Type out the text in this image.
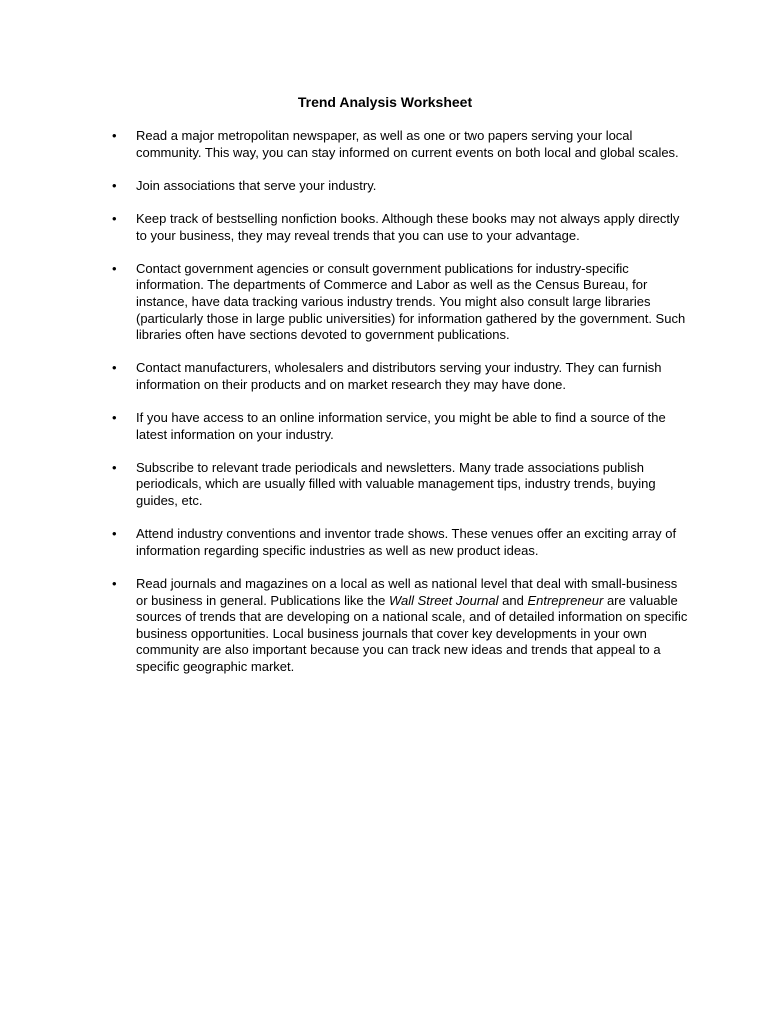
Trend Analysis Worksheet
• Read a major metropolitan newspaper, as well as one or two papers serving your local community. This way, you can stay informed on current events on both local and global scales.
• Join associations that serve your industry.
• Keep track of bestselling nonfiction books. Although these books may not always apply directly to your business, they may reveal trends that you can use to your advantage.
• Contact government agencies or consult government publications for industry-specific information. The departments of Commerce and Labor as well as the Census Bureau, for instance, have data tracking various industry trends. You might also consult large libraries (particularly those in large public universities) for information gathered by the government. Such libraries often have sections devoted to government publications.
• Contact manufacturers, wholesalers and distributors serving your industry. They can furnish information on their products and on market research they may have done.
• If you have access to an online information service, you might be able to find a source of the latest information on your industry.
• Subscribe to relevant trade periodicals and newsletters. Many trade associations publish periodicals, which are usually filled with valuable management tips, industry trends, buying guides, etc.
• Attend industry conventions and inventor trade shows. These venues offer an exciting array of information regarding specific industries as well as new product ideas.
• Read journals and magazines on a local as well as national level that deal with small-business or business in general. Publications like the Wall Street Journal and Entrepreneur are valuable sources of trends that are developing on a national scale, and of detailed information on specific business opportunities. Local business journals that cover key developments in your own community are also important because you can track new ideas and trends that appeal to a specific geographic market.
